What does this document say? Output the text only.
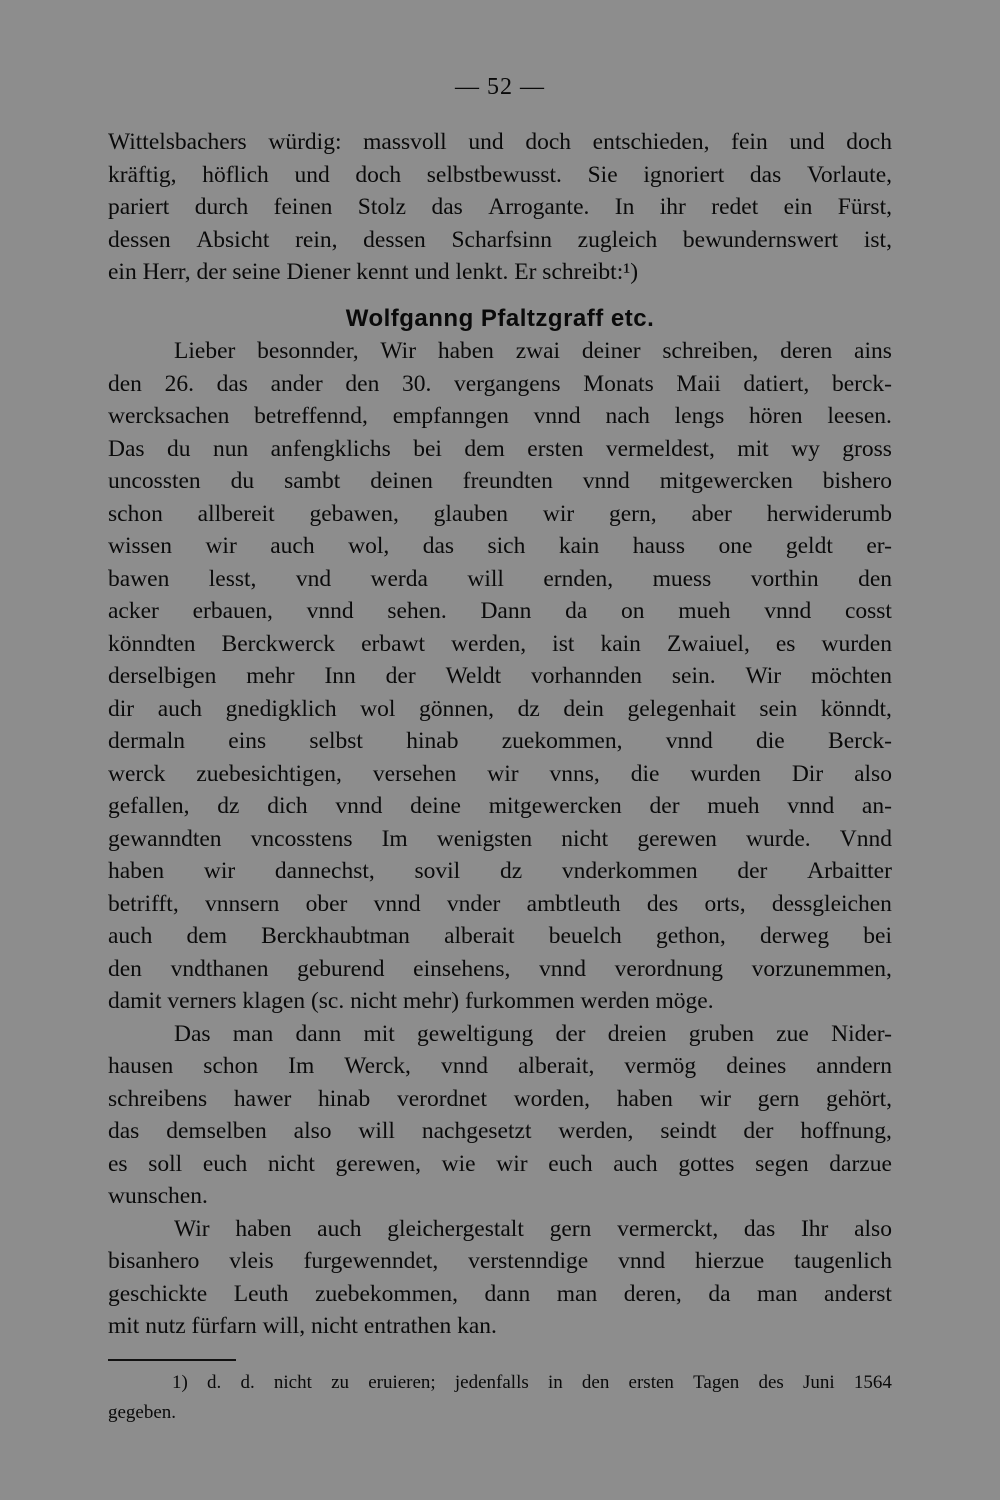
— 52 —
Wittelsbachers würdig: massvoll und doch entschieden, fein und doch
kräftig, höflich und doch selbstbewusst. Sie ignoriert das Vorlaute,
pariert durch feinen Stolz das Arrogante. In ihr redet ein Fürst,
dessen Absicht rein, dessen Scharfsinn zugleich bewundernswert ist,
ein Herr, der seine Diener kennt und lenkt. Er schreibt:¹)
Wolfganng Pfaltzgraff etc.
Lieber besonnder, Wir haben zwai deiner schreiben, deren ains
den 26. das ander den 30. vergangens Monats Maii datiert, berck-
wercksachen betreffennd, empfanngen vnnd nach lengs hören leesen.
Das du nun anfengklichs bei dem ersten vermeldest, mit wy gross
uncossten du sambt deinen freundten vnnd mitgewercken bishero
schon allbereit gebawen, glauben wir gern, aber herwiderumb
wissen wir auch wol, das sich kain hauss one geldt er-
bawen lesst, vnd werda will ernden, muess vorthin den
acker erbauen, vnnd sehen. Dann da on mueh vnnd cosst
könndten Berckwerck erbawt werden, ist kain Zwaiuel, es wurden
derselbigen mehr Inn der Weldt vorhannden sein. Wir möchten
dir auch gnedigklich wol gönnen, dz dein gelegenhait sein könndt,
dermaln eins selbst hinab zuekommen, vnnd die Berck-
werck zuebesichtigen, versehen wir vnns, die wurden Dir also
gefallen, dz dich vnnd deine mitgewercken der mueh vnnd an-
gewanndten vncosstens Im wenigsten nicht gerewen wurde. Vnnd
haben wir dannechst, sovil dz vnderkommen der Arbaitter
betrifft, vnnsern ober vnnd vnder ambtleuth des orts, dessgleichen
auch dem Berckhaubtman alberait beuelch gethon, derweg bei
den vndthanen geburend einsehens, vnnd verordnung vorzunemmen,
damit verners klagen (sc. nicht mehr) furkommen werden möge.
Das man dann mit geweltigung der dreien gruben zue Nider-
hausen schon Im Werck, vnnd alberait, vermög deines anndern
schreibens hawer hinab verordnet worden, haben wir gern gehört,
das demselben also will nachgesetzt werden, seindt der hoffnung,
es soll euch nicht gerewen, wie wir euch auch gottes segen darzue
wunschen.
Wir haben auch gleichergestalt gern vermerckt, das Ihr also
bisanhero vleis furgewenndet, verstenndige vnnd hierzue taugenlich
geschickte Leuth zuebekommen, dann man deren, da man anderst
mit nutz fürfarn will, nicht entrathen kan.
1) d. d. nicht zu eruieren; jedenfalls in den ersten Tagen des Juni 1564
gegeben.
